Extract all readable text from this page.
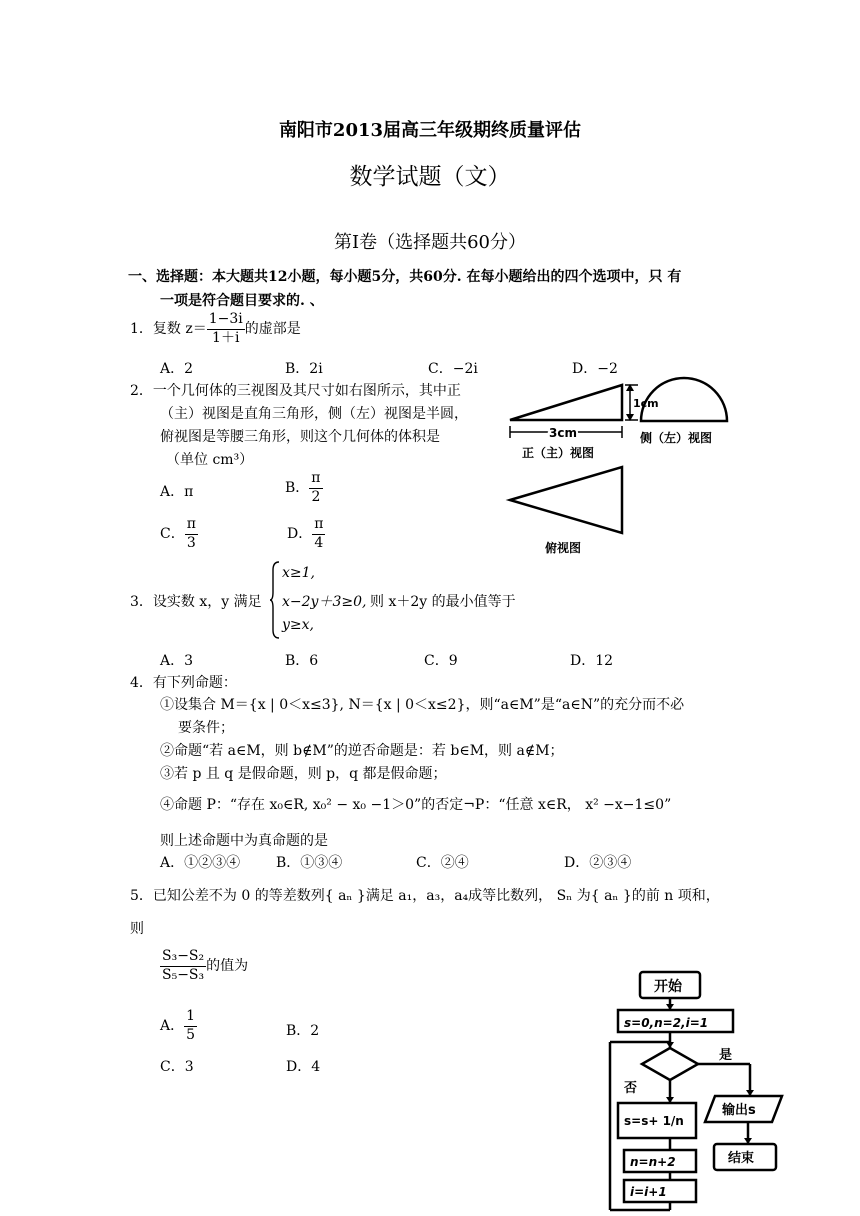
南阳市2013届高三年级期终质量评估
数学试题（文）
第Ⅰ卷（选择题共60分）
一、选择题：本大题共12小题，每小题5分，共60分. 在每小题给出的四个选项中，只 有
一项是符合题目要求的. 、
1．复数 $z= \frac{1-3i}{1+i}$ 的虚部是
A．2	B．2i	C．−2i	D．−2
2．一个几何体的三视图及其尺寸如右图所示，其中正
（主）视图是直角三角形，侧（左）视图是半圆，
俯视图是等腰三角形，则这个几何体的体积是
（单位 cm³）
A．π	B． $\frac{\pi}{2}$
C． $\frac{\pi}{3}$	D． $\frac{\pi}{4}$
1cm
3cm
正（主）视图
侧（左）视图
俯视图
3．设实数 x，y 满足
x≥1,
x−2y＋3≥0,
y≥x,
则 x＋2y 的最小值等于
A．3	B．6	C．9	D．12
4．有下列命题：
①设集合 M＝{x | 0＜x≤3}, N＝{x | 0＜x≤2}，则“a∈M”是“a∈N”的充分而不必
要条件；
②命题“若 a∈M，则 b∉M”的逆否命题是：若 b∈M，则 a∉M；
③若 p 且 q 是假命题，则 p，q 都是假命题；
④命题 P：“存在 x₀∈R, x₀² − x₀ −1＞0”的否定¬P：“任意 x∈R， x² −x−1≤0”
则上述命题中为真命题的是
A．①②③④	B．①③④	C．②④	D．②③④
5．已知公差不为 0 的等差数列{ aₙ }满足 a₁，a₃，a₄成等比数列， Sₙ 为{ aₙ }的前 n 项和，
则
$\frac{\text{S₃−S₂}}{\text{S₅−S₃}}$ 的值为
A． $\frac{1}{5}$	B．2
C．3	D．4
开始
s=0,n=2,i=1
是
否
s=s+ 1/n
n=n+2
i=i+1
输出s
结束
